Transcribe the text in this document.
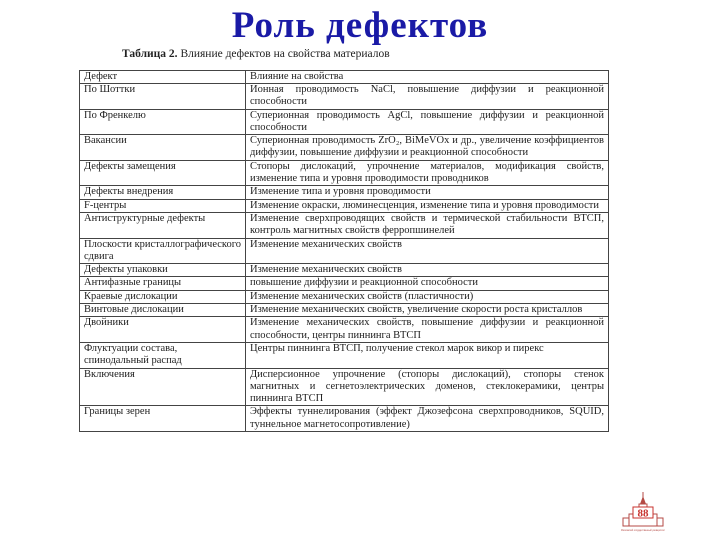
Роль дефектов
Таблица 2. Влияние дефектов на свойства материалов
Дефект	Влияние на свойства
По Шоттки	Ионная проводимость NaCl, повышение диффузии и реакционной способности
По Френкелю	Суперионная проводимость AgCl, повышение диффузии и реакционной способности
Вакансии	Суперионная проводимость ZrO₂, BiMeVOx и др., увеличение коэффициентов диффузии, повышение диффузии и реакционной способности
Дефекты замещения	Стопоры дислокаций, упрочнение материалов, модификация свойств, изменение типа и уровня проводимости проводников
Дефекты внедрения	Изменение типа и уровня проводимости
F-центры	Изменение окраски, люминесценция, изменение типа и уровня проводимости
Антиструктурные дефекты	Изменение сверхпроводящих свойств и термической стабильности ВТСП, контроль магнитных свойств ферропшинелей
Плоскости кристаллографического сдвига	Изменение механических свойств
Дефекты упаковки	Изменение механических свойств
Антифазные границы	повышение диффузии и реакционной способности
Краевые дислокации	Изменение механических свойств (пластичности)
Винтовые дислокации	Изменение механических свойств, увеличение скорости роста кристаллов
Двойники	Изменение механических свойств, повышение диффузии и реакционной способности, центры пиннинга ВТСП
Флуктуации состава, спинодальный распад	Центры пиннинга ВТСП, получение стекол марок викор и пирекс
Включения	Дисперсионное упрочнение (стопоры дислокаций), стопоры стенок магнитных и сегнетоэлектрических доменов, стеклокерамики, центры пиннинга ВТСП
Границы зерен	Эффекты туннелирования (эффект Джозефсона сверхпроводников, SQUID, туннельное магнетосопротивление)
88
Московский государственный университет
